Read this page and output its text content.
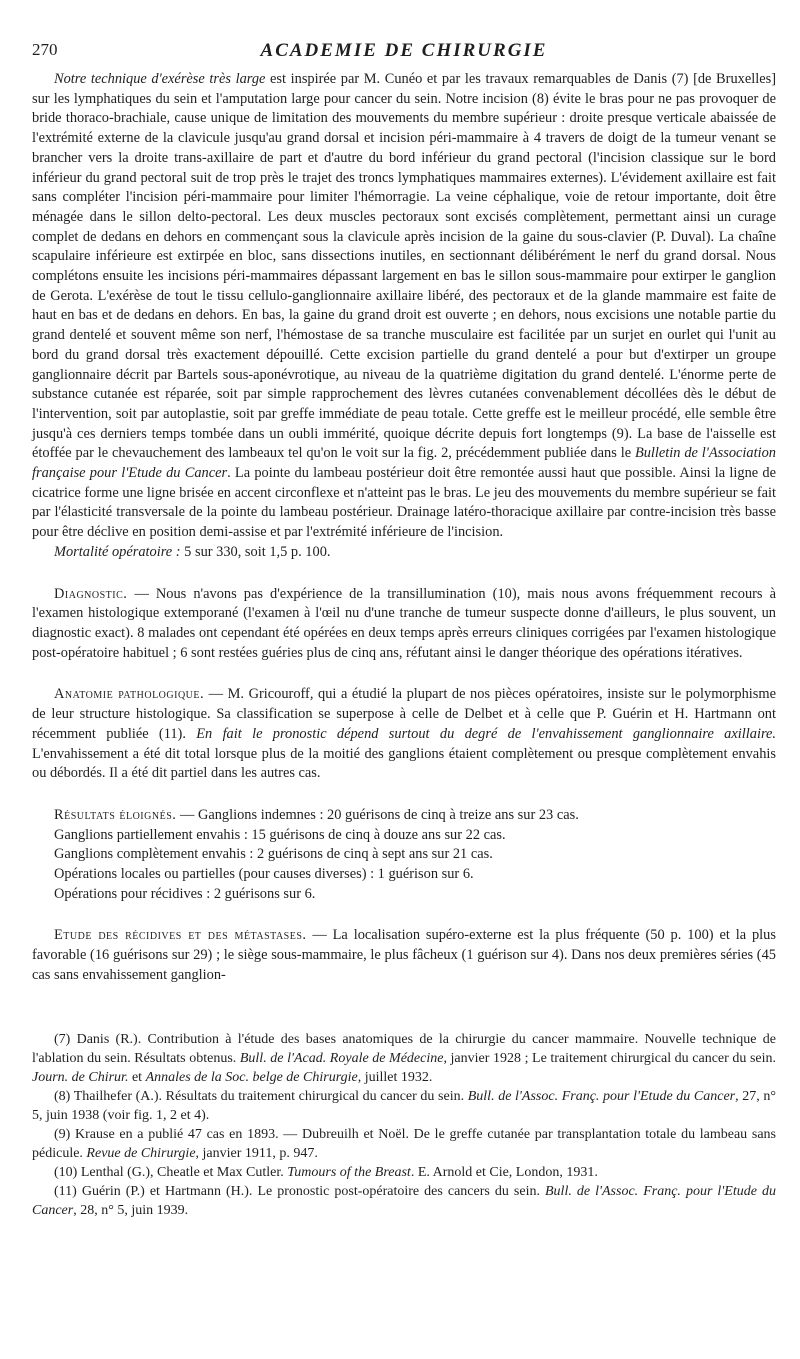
270	ACADEMIE DE CHIRURGIE

Notre technique d'exérèse très large est inspirée par M. Cunéo et par les travaux remarquables de Danis (7) [de Bruxelles] sur les lymphatiques du sein et l'amputation large pour cancer du sein. Notre incision (8) évite le bras pour ne pas provoquer de bride thoraco-brachiale, cause unique de limitation des mouvements du membre supérieur : droite presque verticale abaissée de l'extrémité externe de la clavicule jusqu'au grand dorsal et incision péri-mammaire à 4 travers de doigt de la tumeur venant se brancher vers la droite trans-axillaire de part et d'autre du bord inférieur du grand pectoral (l'incision classique sur le bord inférieur du grand pectoral suit de trop près le trajet des troncs lymphatiques mammaires externes). L'évidement axillaire est fait sans compléter l'incision péri-mammaire pour limiter l'hémorragie. La veine céphalique, voie de retour importante, doit être ménagée dans le sillon delto-pectoral. Les deux muscles pectoraux sont excisés complètement, permettant ainsi un curage complet de dedans en dehors en commençant sous la clavicule après incision de la gaine du sous-clavier (P. Duval). La chaîne scapulaire inférieure est extirpée en bloc, sans dissections inutiles, en sectionnant délibérément le nerf du grand dorsal. Nous complétons ensuite les incisions péri-mammaires dépassant largement en bas le sillon sous-mammaire pour extirper le ganglion de Gerota. L'exérèse de tout le tissu cellulo-ganglionnaire axillaire libéré, des pectoraux et de la glande mammaire est faite de haut en bas et de dedans en dehors. En bas, la gaine du grand droit est ouverte ; en dehors, nous excisions une notable partie du grand dentelé et souvent même son nerf, l'hémostase de sa tranche musculaire est facilitée par un surjet en ourlet qui l'unit au bord du grand dorsal très exactement dépouillé. Cette excision partielle du grand dentelé a pour but d'extirper un groupe ganglionnaire décrit par Bartels sous-aponévrotique, au niveau de la quatrième digitation du grand dentelé. L'énorme perte de substance cutanée est réparée, soit par simple rapprochement des lèvres cutanées convenablement décollées dès le début de l'intervention, soit par autoplastie, soit par greffe immédiate de peau totale. Cette greffe est le meilleur procédé, elle semble être jusqu'à ces derniers temps tombée dans un oubli immérité, quoique décrite depuis fort longtemps (9). La base de l'aisselle est étoffée par le chevauchement des lambeaux tel qu'on le voit sur la fig. 2, précédemment publiée dans le Bulletin de l'Association française pour l'Etude du Cancer. La pointe du lambeau postérieur doit être remontée aussi haut que possible. Ainsi la ligne de cicatrice forme une ligne brisée en accent circonflexe et n'atteint pas le bras. Le jeu des mouvements du membre supérieur se fait par l'élasticité transversale de la pointe du lambeau postérieur. Drainage latéro-thoracique axillaire par contre-incision très basse pour être déclive en position demi-assise et par l'extrémité inférieure de l'incision.

Mortalité opératoire : 5 sur 330, soit 1,5 p. 100.

Diagnostic. — Nous n'avons pas d'expérience de la transillumination (10), mais nous avons fréquemment recours à l'examen histologique extemporané (l'examen à l'œil nu d'une tranche de tumeur suspecte donne d'ailleurs, le plus souvent, un diagnostic exact). 8 malades ont cependant été opérées en deux temps après erreurs cliniques corrigées par l'examen histologique post-opératoire habituel ; 6 sont restées guéries plus de cinq ans, réfutant ainsi le danger théorique des opérations itératives.

Anatomie pathologique. — M. Gricouroff, qui a étudié la plupart de nos pièces opératoires, insiste sur le polymorphisme de leur structure histologique. Sa classification se superpose à celle de Delbet et à celle que P. Guérin et H. Hartmann ont récemment publiée (11). En fait le pronostic dépend surtout du degré de l'envahissement ganglionnaire axillaire. L'envahissement a été dit total lorsque plus de la moitié des ganglions étaient complètement ou presque complètement envahis ou débordés. Il a été dit partiel dans les autres cas.

Résultats éloignés. — Ganglions indemnes : 20 guérisons de cinq à treize ans sur 23 cas.

Ganglions partiellement envahis : 15 guérisons de cinq à douze ans sur 22 cas.

Ganglions complètement envahis : 2 guérisons de cinq à sept ans sur 21 cas.

Opérations locales ou partielles (pour causes diverses) : 1 guérison sur 6.

Opérations pour récidives : 2 guérisons sur 6.

Etude des récidives et des métastases. — La localisation supéro-externe est la plus fréquente (50 p. 100) et la plus favorable (16 guérisons sur 29) ; le siège sous-mammaire, le plus fâcheux (1 guérison sur 4). Dans nos deux premières séries (45 cas sans envahissement ganglion-

(7) Danis (R.). Contribution à l'étude des bases anatomiques de la chirurgie du cancer mammaire. Nouvelle technique de l'ablation du sein. Résultats obtenus. Bull. de l'Acad. Royale de Médecine, janvier 1928 ; Le traitement chirurgical du cancer du sein. Journ. de Chirur. et Annales de la Soc. belge de Chirurgie, juillet 1932.

(8) Thailhefer (A.). Résultats du traitement chirurgical du cancer du sein. Bull. de l'Assoc. Franç. pour l'Etude du Cancer, 27, n° 5, juin 1938 (voir fig. 1, 2 et 4).

(9) Krause en a publié 47 cas en 1893. — Dubreuilh et Noël. De le greffe cutanée par transplantation totale du lambeau sans pédicule. Revue de Chirurgie, janvier 1911, p. 947.

(10) Lenthal (G.), Cheatle et Max Cutler. Tumours of the Breast. E. Arnold et Cie, London, 1931.

(11) Guérin (P.) et Hartmann (H.). Le pronostic post-opératoire des cancers du sein. Bull. de l'Assoc. Franç. pour l'Etude du Cancer, 28, n° 5, juin 1939.
